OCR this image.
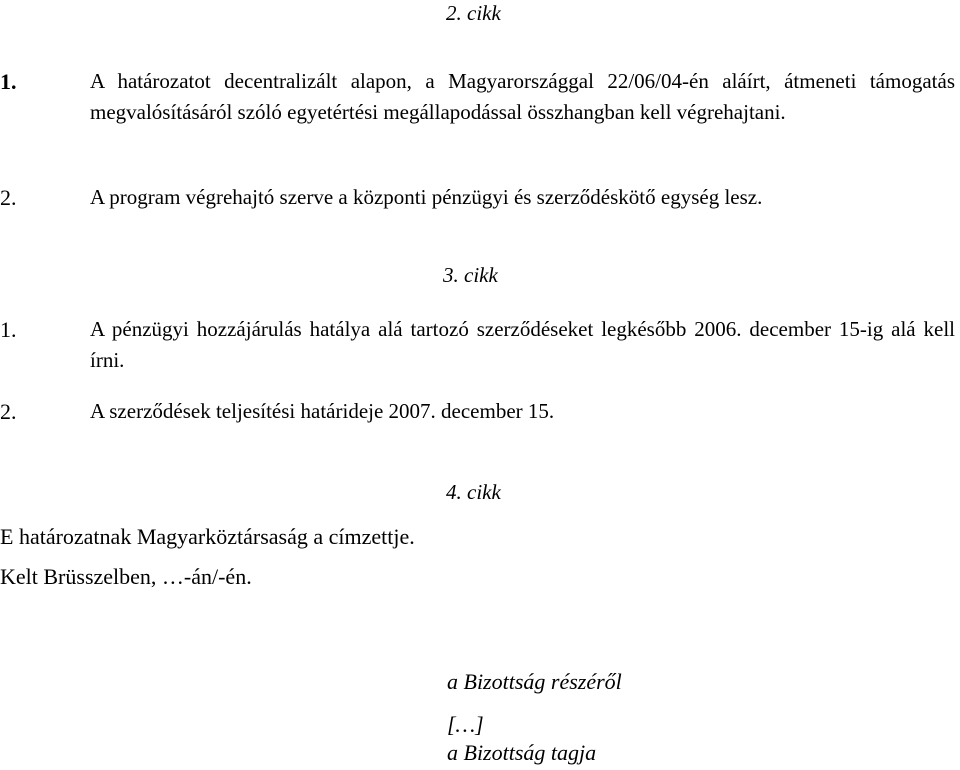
2. cikk
1.	A határozatot decentralizált alapon, a Magyarországgal 22/06/04-én aláírt, átmeneti támogatás megvalósításáról szóló egyetértési megállapodással összhangban kell végrehajtani.
2.	A program végrehajtó szerve a központi pénzügyi és szerződéskötő egység lesz.
3. cikk
1.	A pénzügyi hozzájárulás hatálya alá tartozó szerződéseket legkésőbb 2006. december 15-ig alá kell írni.
2.	A szerződések teljesítési határideje 2007. december 15.
4. cikk
E határozatnak Magyarköztársaság a címzettje.
Kelt Brüsszelben, …-án/-én.
a Bizottság részéről
[…]
a Bizottság tagja
